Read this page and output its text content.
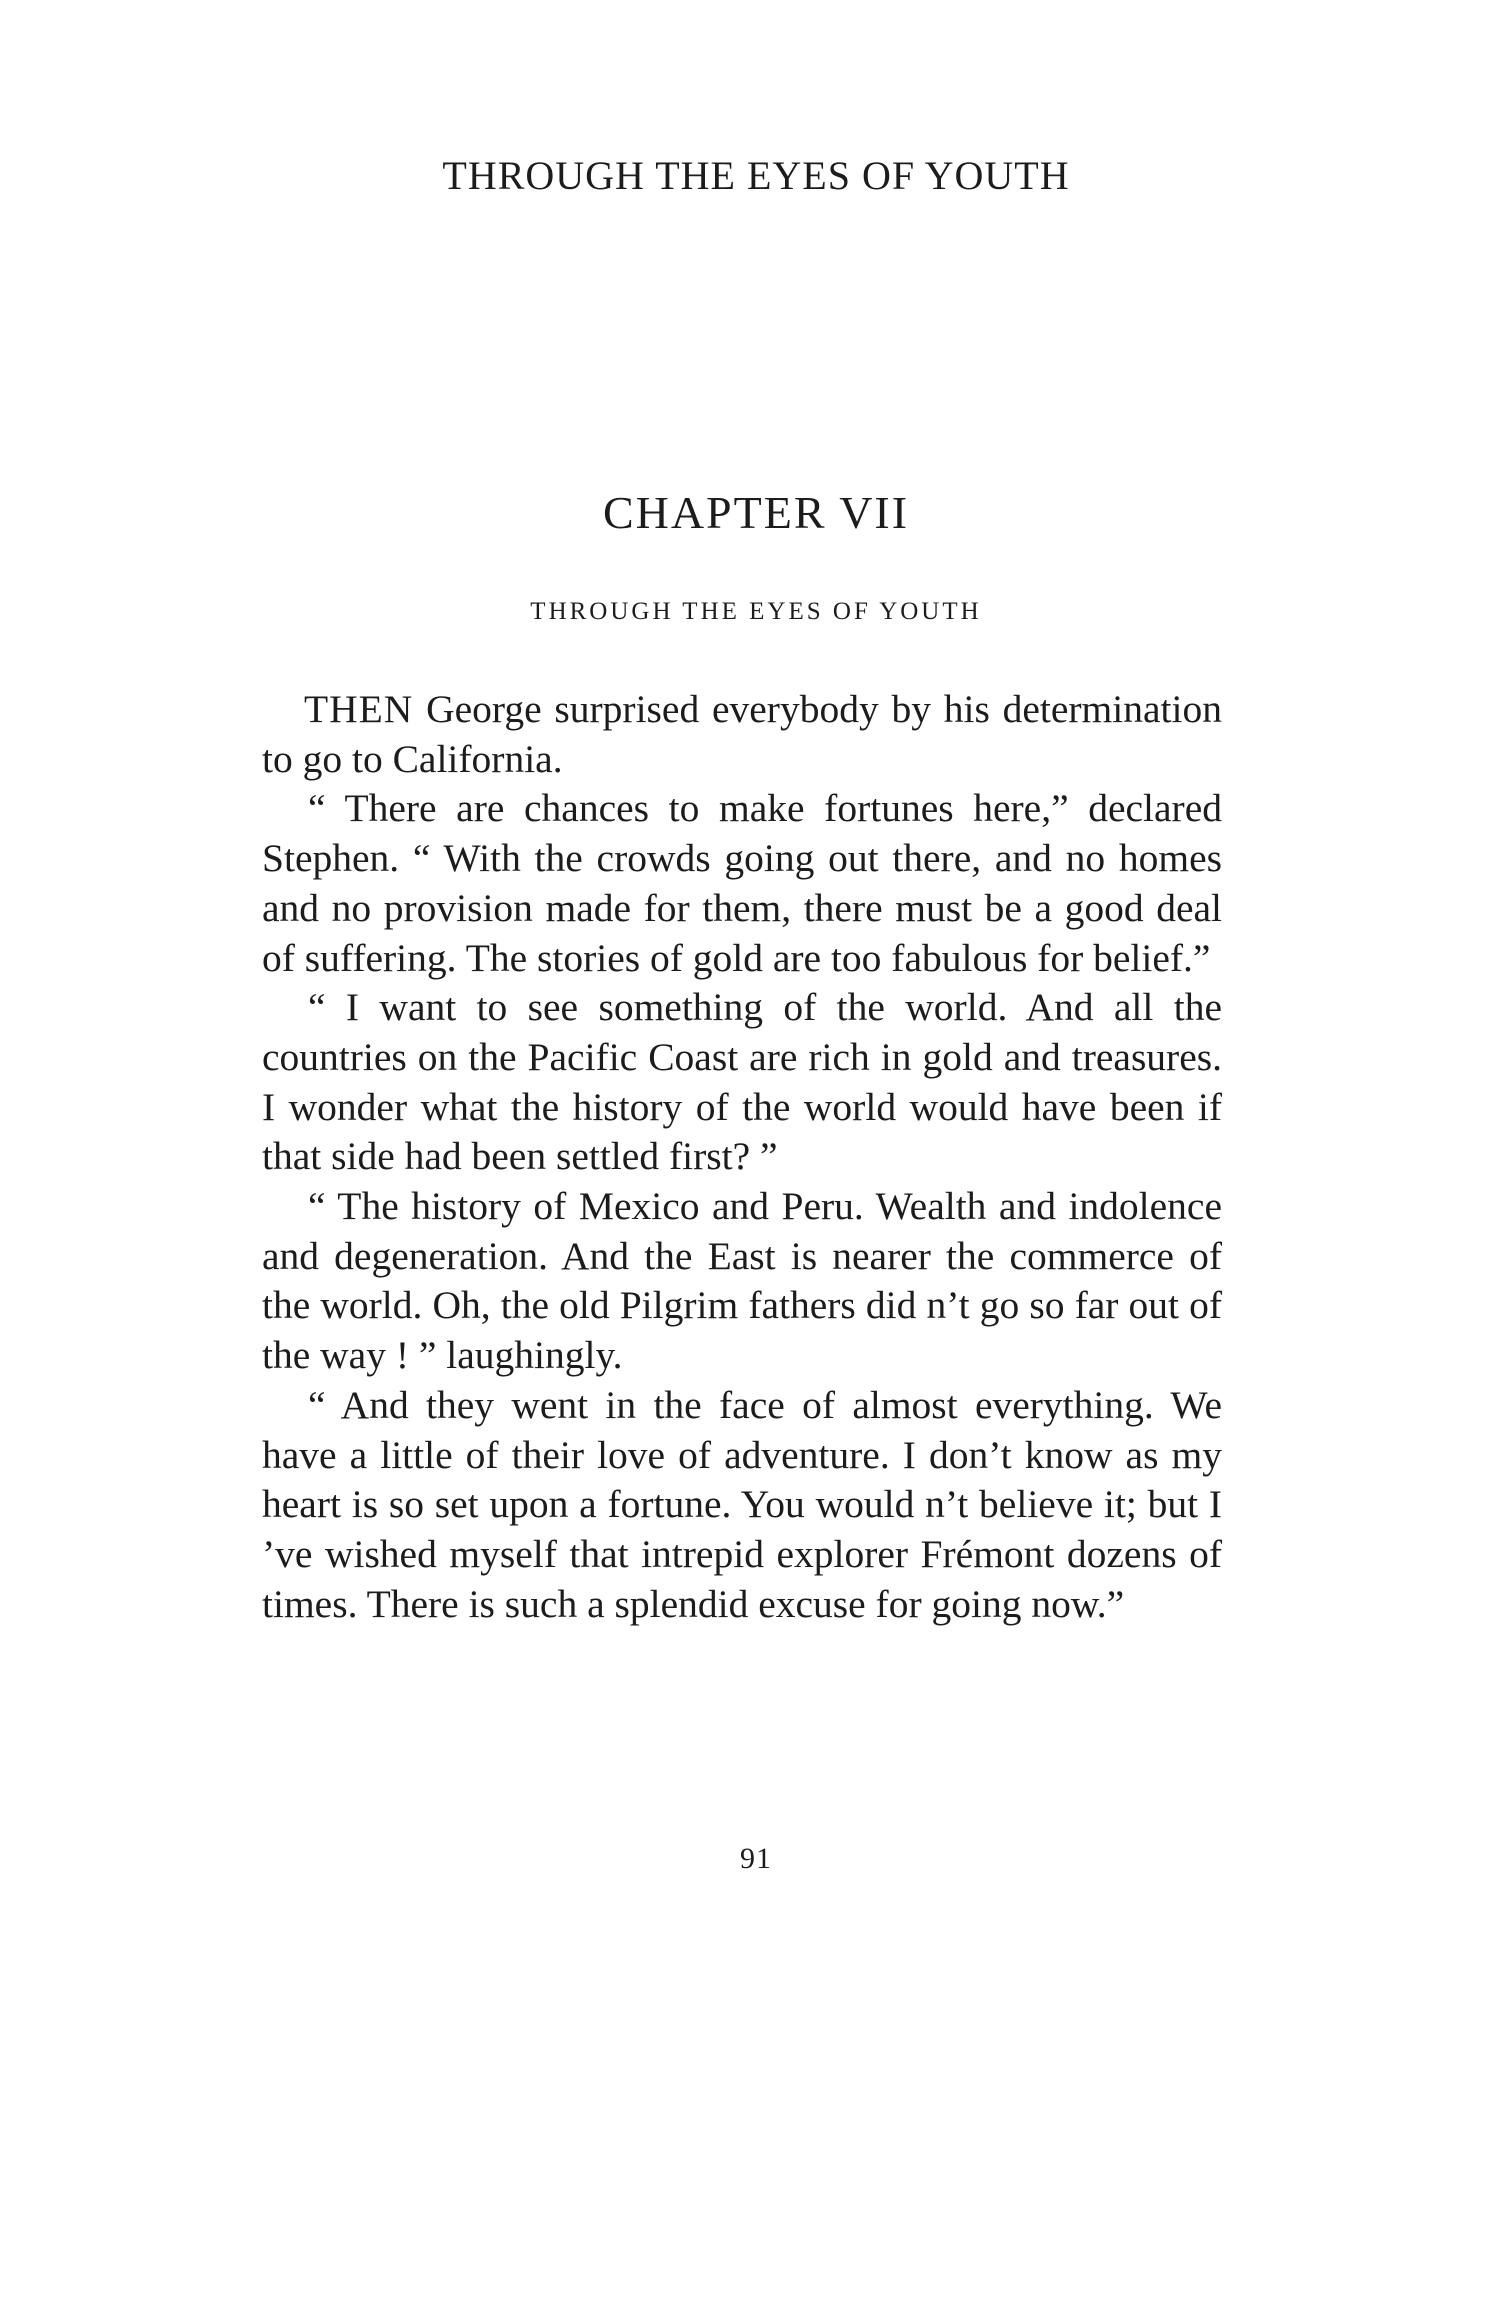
THROUGH THE EYES OF YOUTH
CHAPTER VII
THROUGH THE EYES OF YOUTH

THEN George surprised everybody by his determination to go to California.

“ There are chances to make fortunes here,” declared Stephen. “ With the crowds going out there, and no homes and no provision made for them, there must be a good deal of suffering. The stories of gold are too fabulous for belief.”

“ I want to see something of the world. And all the countries on the Pacific Coast are rich in gold and treasures. I wonder what the history of the world would have been if that side had been settled first? ”

“ The history of Mexico and Peru. Wealth and indolence and degeneration. And the East is nearer the commerce of the world. Oh, the old Pilgrim fathers did n’t go so far out of the way ! ” laughingly.

“ And they went in the face of almost everything. We have a little of their love of adventure. I don’t know as my heart is so set upon a fortune. You would n’t believe it; but I ’ve wished myself that intrepid explorer Frémont dozens of times. There is such a splendid excuse for going now.”

91
